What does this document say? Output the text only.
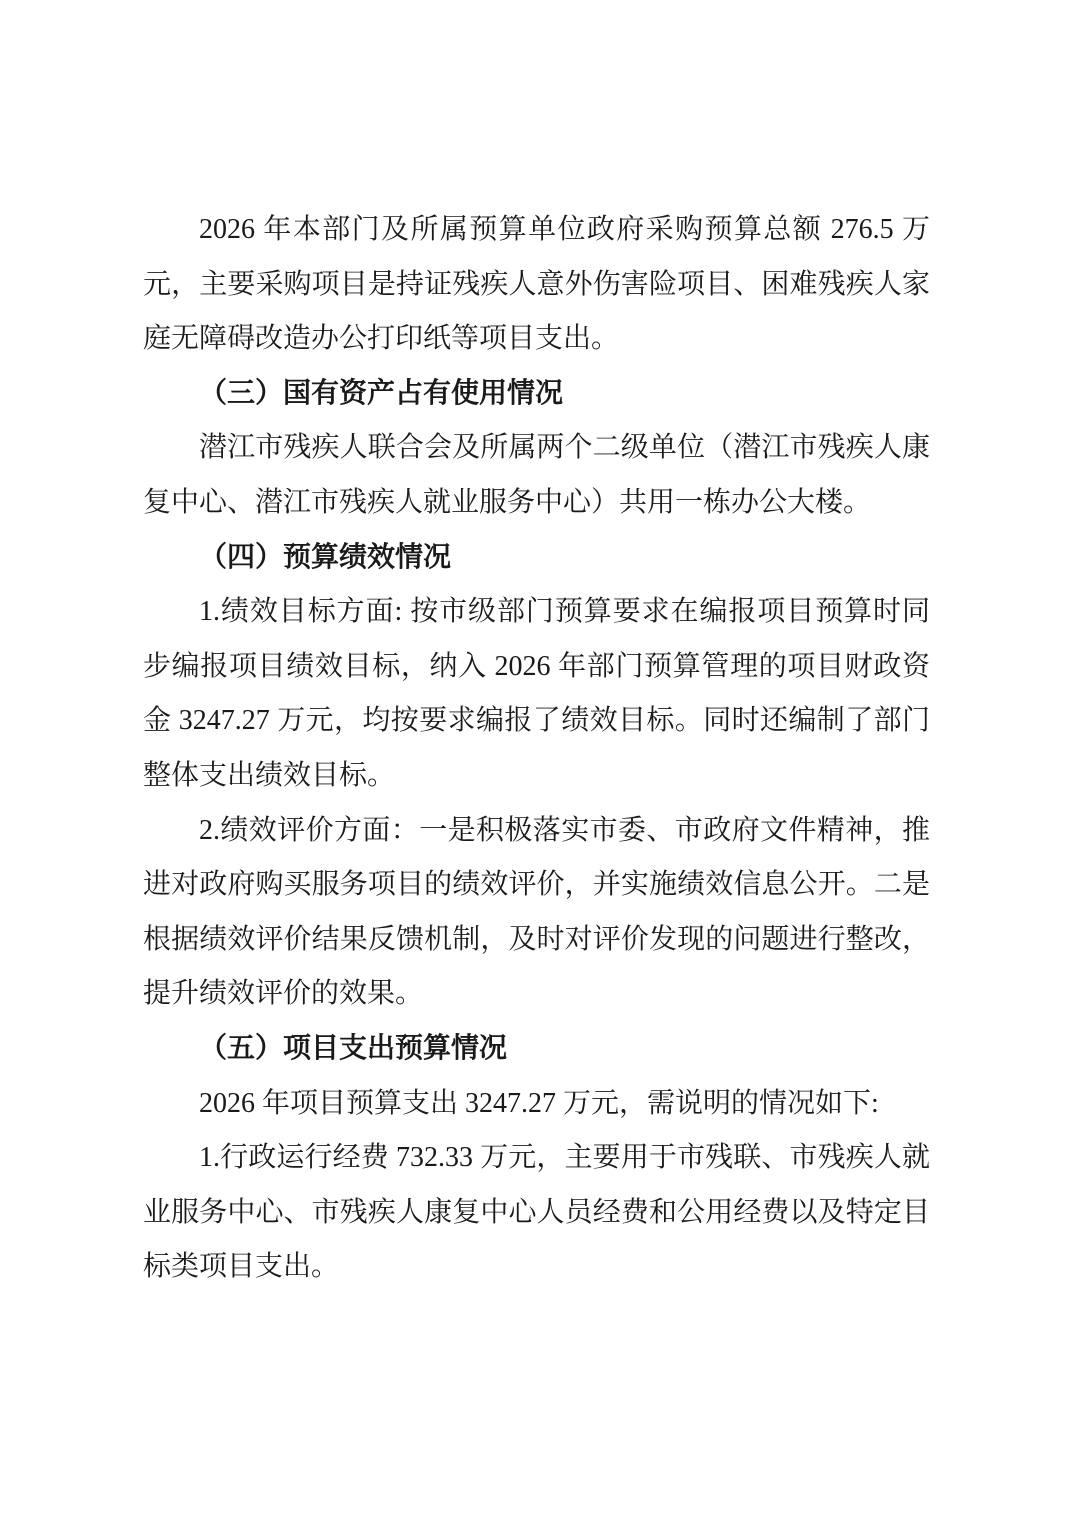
2026 年本部门及所属预算单位政府采购预算总额 276.5 万元，主要采购项目是持证残疾人意外伤害险项目、困难残疾人家庭无障碍改造办公打印纸等项目支出。

（三）国有资产占有使用情况

潜江市残疾人联合会及所属两个二级单位（潜江市残疾人康复中心、潜江市残疾人就业服务中心）共用一栋办公大楼。

（四）预算绩效情况

1.绩效目标方面: 按市级部门预算要求在编报项目预算时同步编报项目绩效目标，纳入 2026 年部门预算管理的项目财政资金 3247.27 万元，均按要求编报了绩效目标。同时还编制了部门整体支出绩效目标。

2.绩效评价方面：一是积极落实市委、市政府文件精神，推进对政府购买服务项目的绩效评价，并实施绩效信息公开。二是根据绩效评价结果反馈机制，及时对评价发现的问题进行整改，提升绩效评价的效果。

（五）项目支出预算情况

2026 年项目预算支出 3247.27 万元，需说明的情况如下:

1.行政运行经费 732.33 万元，主要用于市残联、市残疾人就业服务中心、市残疾人康复中心人员经费和公用经费以及特定目标类项目支出。
